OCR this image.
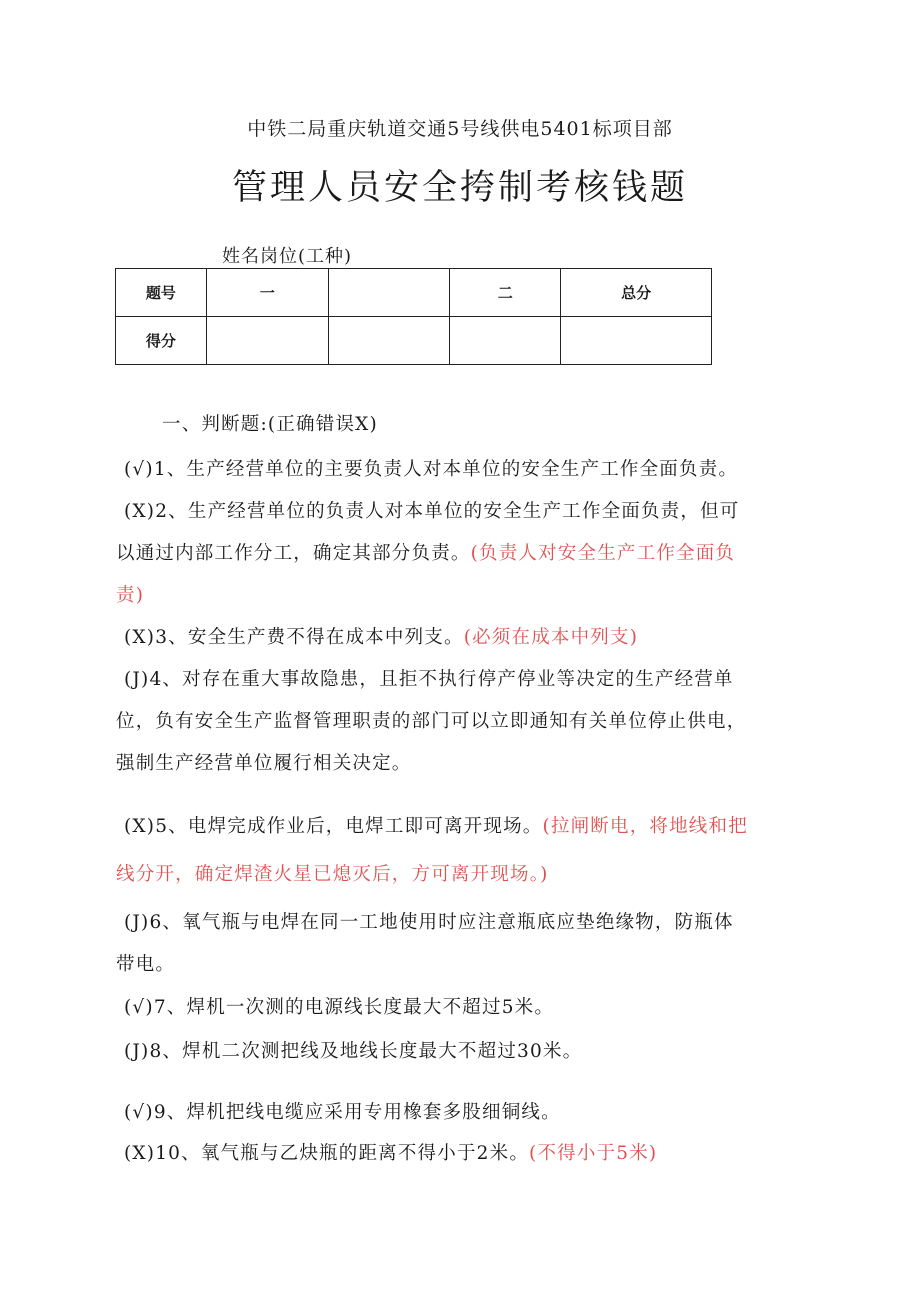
中铁二局重庆轨道交通5号线供电5401标项目部
管理人员安全挎制考核钱题
姓名岗位(工种)
题号	一		二	总分
得分				
一、判断题:(正确错误X)
(√)1、生产经营单位的主要负责人对本单位的安全生产工作全面负责。
(X)2、生产经营单位的负责人对本单位的安全生产工作全面负责，但可
以通过内部工作分工，确定其部分负责。(负责人对安全生产工作全面负
责)
(X)3、安全生产费不得在成本中列支。(必须在成本中列支)
(J)4、对存在重大事故隐患，且拒不执行停产停业等决定的生产经营单
位，负有安全生产监督管理职责的部门可以立即通知有关单位停止供电，
强制生产经营单位履行相关决定。
(X)5、电焊完成作业后，电焊工即可离开现场。(拉闸断电，将地线和把
线分开，确定焊渣火星已熄灭后，方可离开现场。)
(J)6、氧气瓶与电焊在同一工地使用时应注意瓶底应垫绝缘物，防瓶体
带电。
(√)7、焊机一次测的电源线长度最大不超过5米。
(J)8、焊机二次测把线及地线长度最大不超过30米。
(√)9、焊机把线电缆应采用专用橡套多股细铜线。
(X)10、氧气瓶与乙炔瓶的距离不得小于2米。(不得小于5米)
